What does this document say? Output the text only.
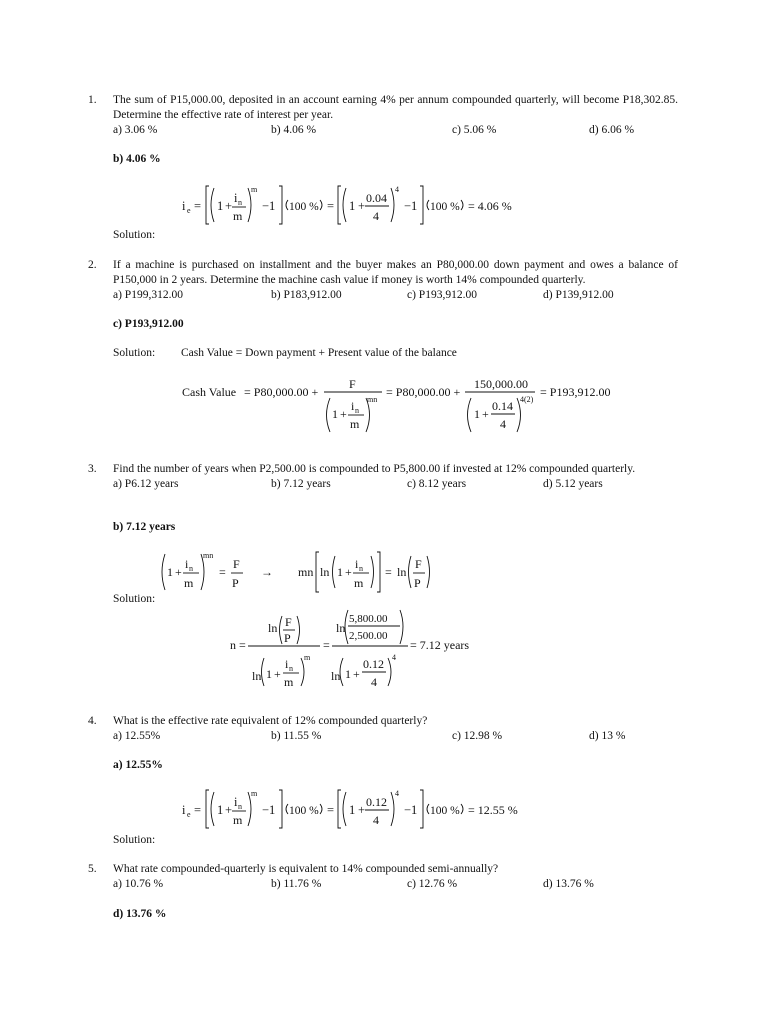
1. The sum of P15,000.00, deposited in an account earning 4% per annum compounded quarterly, will become P18,302.85. Determine the effective rate of interest per year.
a) 3.06 %	b) 4.06 %	c) 5.06 %	d) 6.06 %
b) 4.06 %
i e = 1 +
i n
m
m
−1 100 % = 1 +
0.04
4
4
−1 100 % = 4.06 %
Solution:
2. If a machine is purchased on installment and the buyer makes an P80,000.00 down payment and owes a balance of P150,000 in 2 years. Determine the machine cash value if money is worth 14% compounded quarterly.
a) P199,312.00	b) P183,912.00	c) P193,912.00	d) P139,912.00
c) P193,912.00
Solution: Cash Value = Down payment + Present value of the balance
Cash Value = P80,000.00 +
F
1 +
i n
m
mn
= P80,000.00 +
150,000.00
1 +
0.14
4
4(2)
= P193,912.00
3. Find the number of years when P2,500.00 is compounded to P5,800.00 if invested at 12% compounded quarterly.
a) P6.12 years	b) 7.12 years	c) 8.12 years	d) 5.12 years
b) 7.12 years
1 +
i n
m
mn
=
F
P
→ mn ln 1 +
i n
m
= ln
F
P
Solution:
n =
ln F
P
ln 1 +
i n
m
m
=
ln
5,800.00
2,500.00
ln 1 +
0.12
4
4
= 7.12 years
4. What is the effective rate equivalent of 12% compounded quarterly?
a) 12.55%	b) 11.55 %	c) 12.98 %	d) 13 %
a) 12.55%
i e = 1 +
i n
m
m
−1 100 % = 1 +
0.12
4
4
−1 100 % = 12.55 %
Solution:
5. What rate compounded-quarterly is equivalent to 14% compounded semi-annually?
a) 10.76 %	b) 11.76 %	c) 12.76 %	d) 13.76 %
d) 13.76 %
